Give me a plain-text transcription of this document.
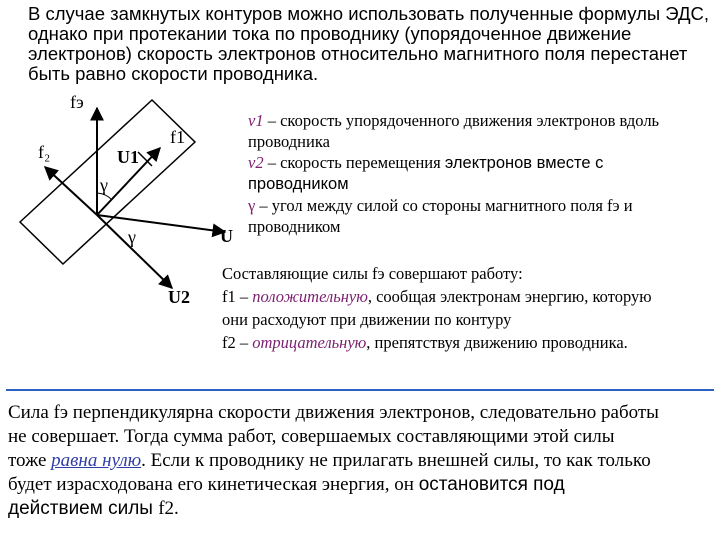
В случае замкнутых контуров можно использовать полученные формулы ЭДС,
однако при протекании тока по проводнику (упорядоченное движение
электронов) скорость электронов относительно магнитного поля перестанет
быть равно скорости проводника.
fэ
f₂
f1
U1
γ
γ	U
U2
v1 – скорость упорядоченного движения электронов вдоль
проводника
v2 – скорость перемещения электронов вместе с
проводником
γ – угол между силой со стороны магнитного поля fэ и
проводником
Составляющие силы fэ совершают работу:
f1 – положительную, сообщая электронам энергию, которую
они расходуют при движении по контуру
f2 – отрицательную, препятствуя движению проводника.
Сила fэ перпендикулярна скорости движения электронов, следовательно работы
не совершает. Тогда сумма работ, совершаемых составляющими этой силы
тоже равна нулю. Если к проводнику не прилагать внешней силы, то как только
будет израсходована его кинетическая энергия, он остановится под
действием силы f2.
